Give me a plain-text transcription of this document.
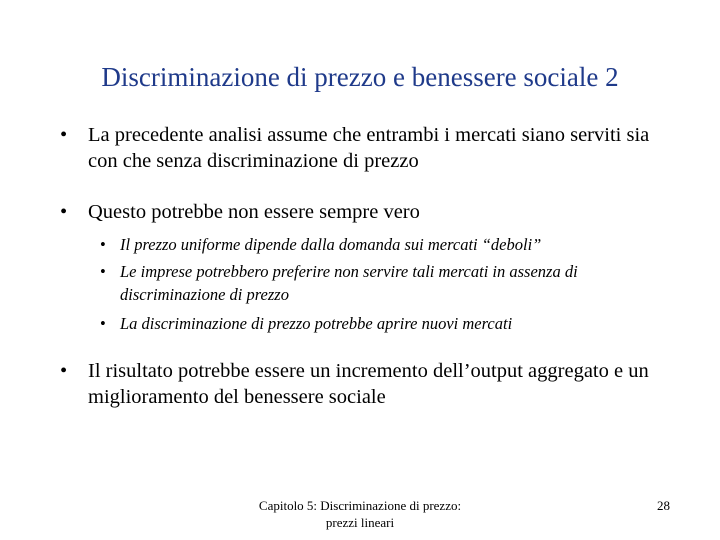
Discriminazione di prezzo e benessere sociale 2
•	La precedente analisi assume che entrambi i mercati siano serviti sia con che senza discriminazione di prezzo
•	Questo potrebbe non essere sempre vero
• Il prezzo uniforme dipende dalla domanda sui mercati “deboli”
• Le imprese potrebbero preferire non servire tali mercati in assenza di discriminazione di prezzo
• La discriminazione di prezzo potrebbe aprire nuovi mercati
•	Il risultato potrebbe essere un incremento dell’output aggregato e un miglioramento del benessere sociale
Capitolo 5: Discriminazione di prezzo: prezzi lineari
28
